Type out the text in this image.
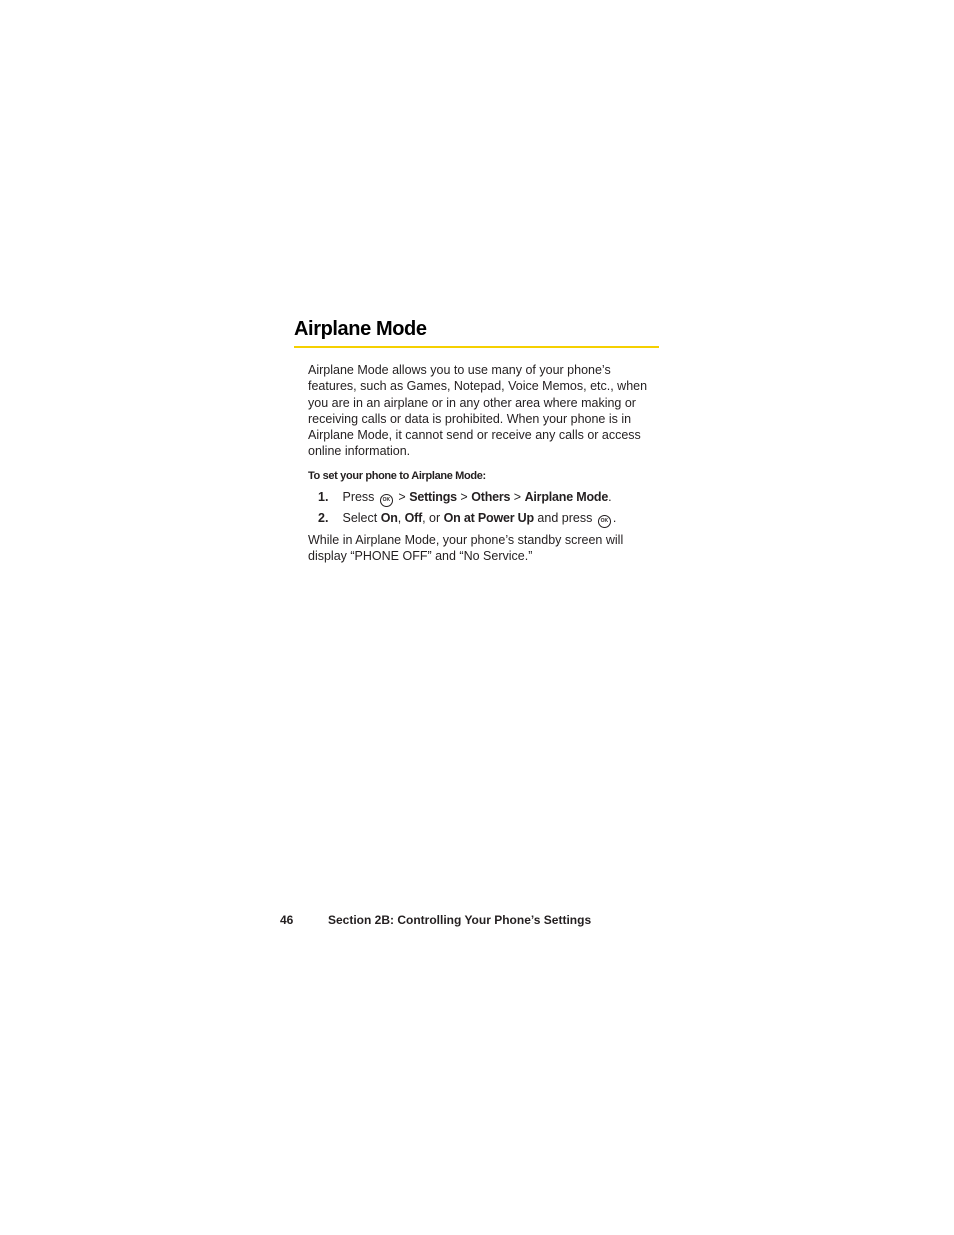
Airplane Mode

Airplane Mode allows you to use many of your phone’s features, such as Games, Notepad, Voice Memos, etc., when you are in an airplane or in any other area where making or receiving calls or data is prohibited. When your phone is in Airplane Mode, it cannot send or receive any calls or access online information.

To set your phone to Airplane Mode:

1. Press OK > Settings > Others > Airplane Mode.
2. Select On, Off, or On at Power Up and press OK .

While in Airplane Mode, your phone’s standby screen will display “PHONE OFF” and “No Service.”

46	Section 2B: Controlling Your Phone’s Settings
